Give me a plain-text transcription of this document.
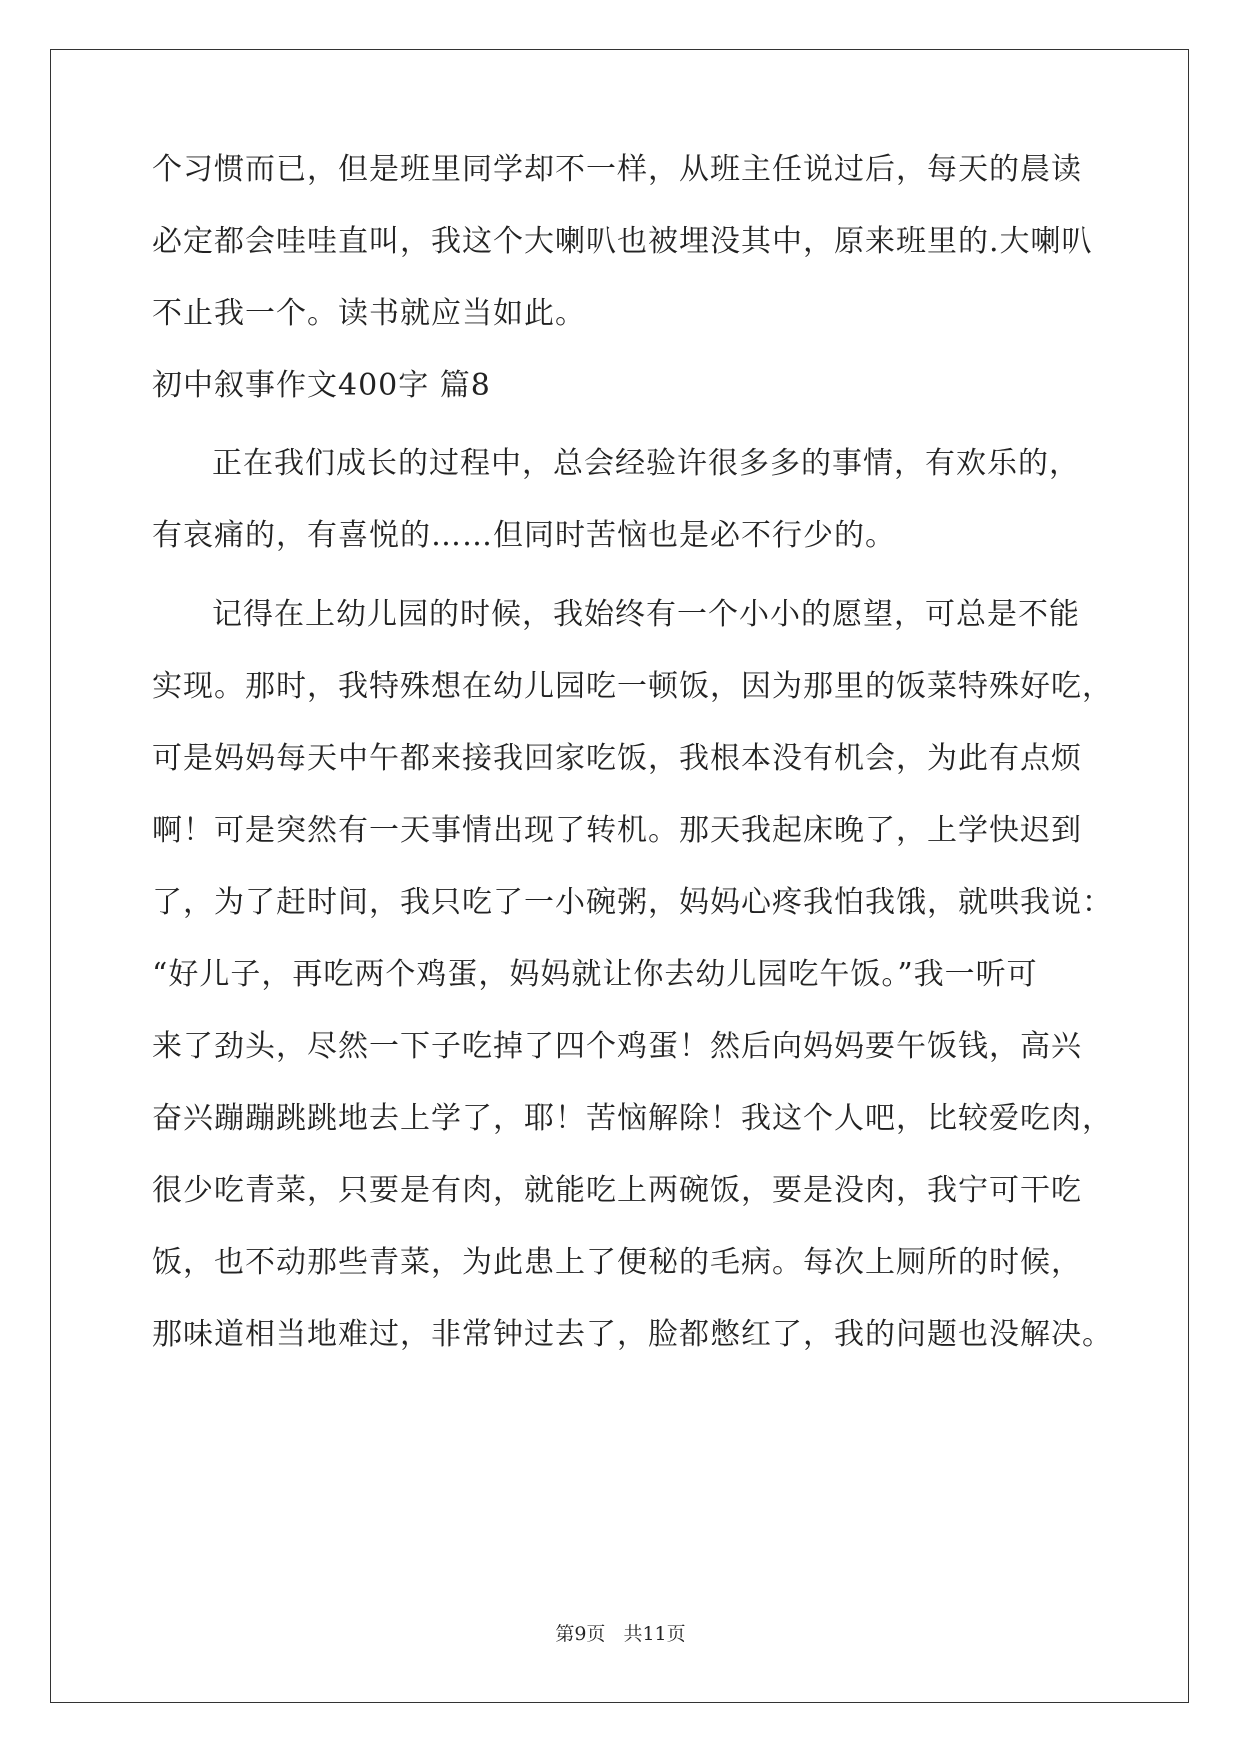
个习惯而已，但是班里同学却不一样，从班主任说过后，每天的晨读
必定都会哇哇直叫，我这个大喇叭也被埋没其中，原来班里的.大喇叭
不止我一个。读书就应当如此。
初中叙事作文400字 篇8
正在我们成长的过程中，总会经验许很多多的事情，有欢乐的，
有哀痛的，有喜悦的……但同时苦恼也是必不行少的。
记得在上幼儿园的时候，我始终有一个小小的愿望，可总是不能
实现。那时，我特殊想在幼儿园吃一顿饭，因为那里的饭菜特殊好吃，
可是妈妈每天中午都来接我回家吃饭，我根本没有机会，为此有点烦
啊！可是突然有一天事情出现了转机。那天我起床晚了，上学快迟到
了，为了赶时间，我只吃了一小碗粥，妈妈心疼我怕我饿，就哄我说：
“好儿子，再吃两个鸡蛋，妈妈就让你去幼儿园吃午饭。”我一听可
来了劲头，尽然一下子吃掉了四个鸡蛋！然后向妈妈要午饭钱，高兴
奋兴蹦蹦跳跳地去上学了，耶！苦恼解除！我这个人吧，比较爱吃肉，
很少吃青菜，只要是有肉，就能吃上两碗饭，要是没肉，我宁可干吃
饭，也不动那些青菜，为此患上了便秘的毛病。每次上厕所的时候，
那味道相当地难过，非常钟过去了，脸都憋红了，我的问题也没解决。
第9页 共11页
